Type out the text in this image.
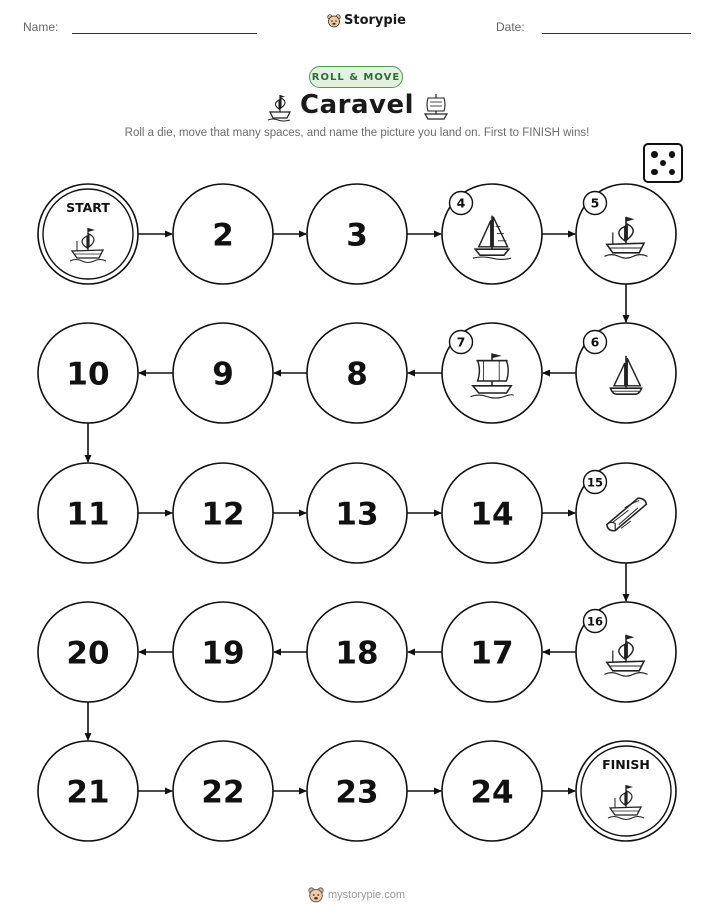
Name:	Storypie	Date:
ROLL & MOVE
Caravel
Roll a die, move that many spaces, and name the picture you land on. First to FINISH wins!
START
2	3
4	5
6
7
8
9
10
11	12	13	14
15
16
17
18
19
20
21	22	23	24
FINISH
mystorypie.com
